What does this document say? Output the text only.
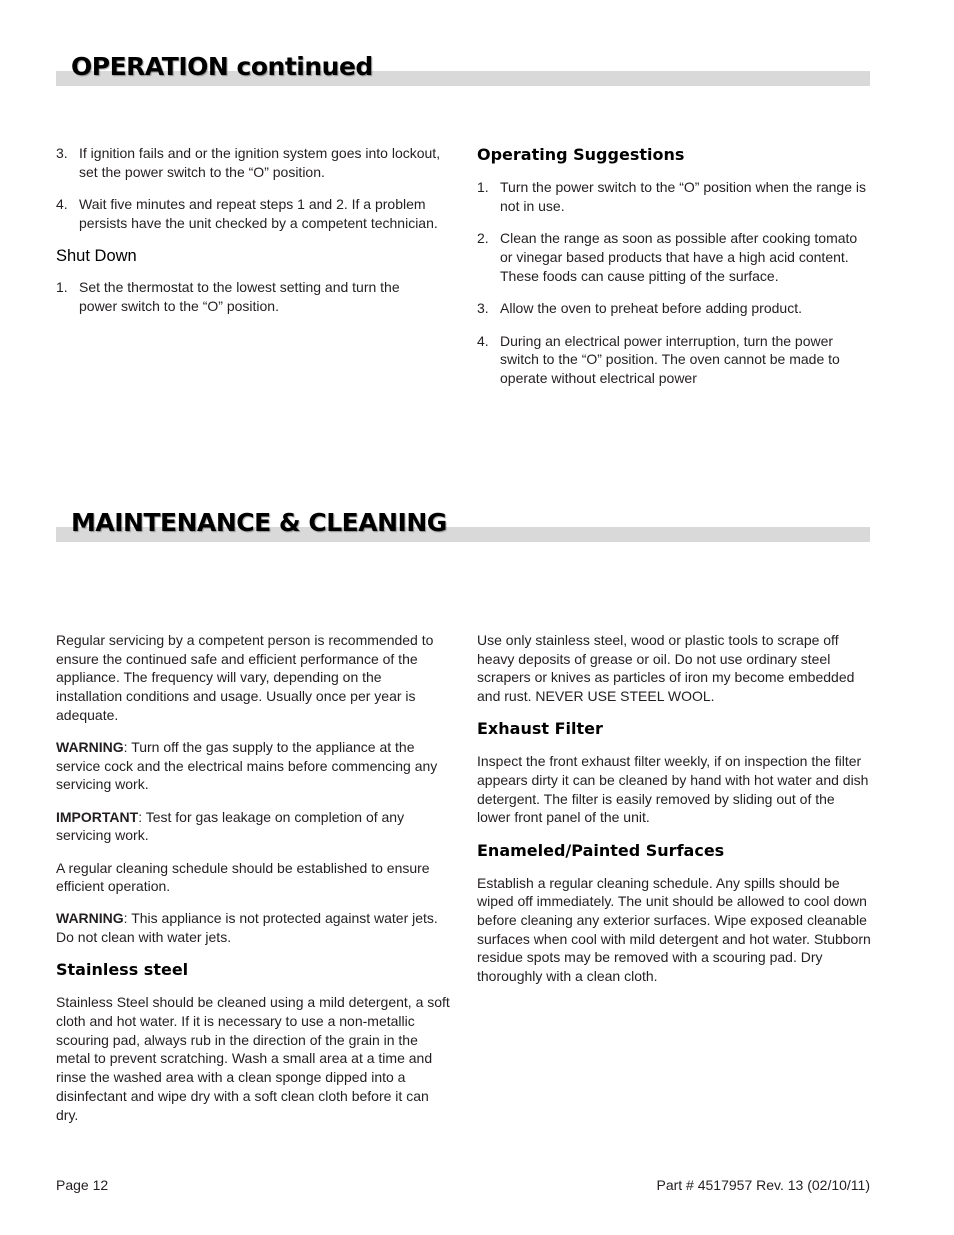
OPERATION continued
3. If ignition fails and or the ignition system goes into lockout, set the power switch to the “O” position.
4. Wait five minutes and repeat steps 1 and 2. If a problem persists have the unit checked by a competent technician.
Shut Down
1. Set the thermostat to the lowest setting and turn the power switch to the “O” position.
Operating Suggestions
1. Turn the power switch to the “O” position when the range is not in use.
2. Clean the range as soon as possible after cooking tomato or vinegar based products that have a high acid content. These foods can cause pitting of the surface.
3. Allow the oven to preheat before adding product.
4. During an electrical power interruption, turn the power switch to the “O” position. The oven cannot be made to operate without electrical power
MAINTENANCE & CLEANING

Regular servicing by a competent person is recommended to ensure the continued safe and efficient performance of the appliance. The frequency will vary, depending on the installation conditions and usage. Usually once per year is adequate.

WARNING: Turn off the gas supply to the appliance at the service cock and the electrical mains before commencing any servicing work.

IMPORTANT: Test for gas leakage on completion of any servicing work.

A regular cleaning schedule should be established to ensure efficient operation.

WARNING: This appliance is not protected against water jets. Do not clean with water jets.

Stainless steel

Stainless Steel should be cleaned using a mild detergent, a soft cloth and hot water. If it is necessary to use a non-metallic scouring pad, always rub in the direction of the grain in the metal to prevent scratching. Wash a small area at a time and rinse the washed area with a clean sponge dipped into a disinfectant and wipe dry with a soft clean cloth before it can dry.

Use only stainless steel, wood or plastic tools to scrape off heavy deposits of grease or oil. Do not use ordinary steel scrapers or knives as particles of iron my become embedded and rust. NEVER USE STEEL WOOL.

Exhaust Filter

Inspect the front exhaust filter weekly, if on inspection the filter appears dirty it can be cleaned by hand with hot water and dish detergent. The filter is easily removed by sliding out of the lower front panel of the unit.

Enameled/Painted Surfaces

Establish a regular cleaning schedule. Any spills should be wiped off immediately. The unit should be allowed to cool down before cleaning any exterior surfaces. Wipe exposed cleanable surfaces when cool with mild detergent and hot water. Stubborn residue spots may be removed with a scouring pad. Dry thoroughly with a clean cloth.

Page 12	Part # 4517957 Rev. 13 (02/10/11)
